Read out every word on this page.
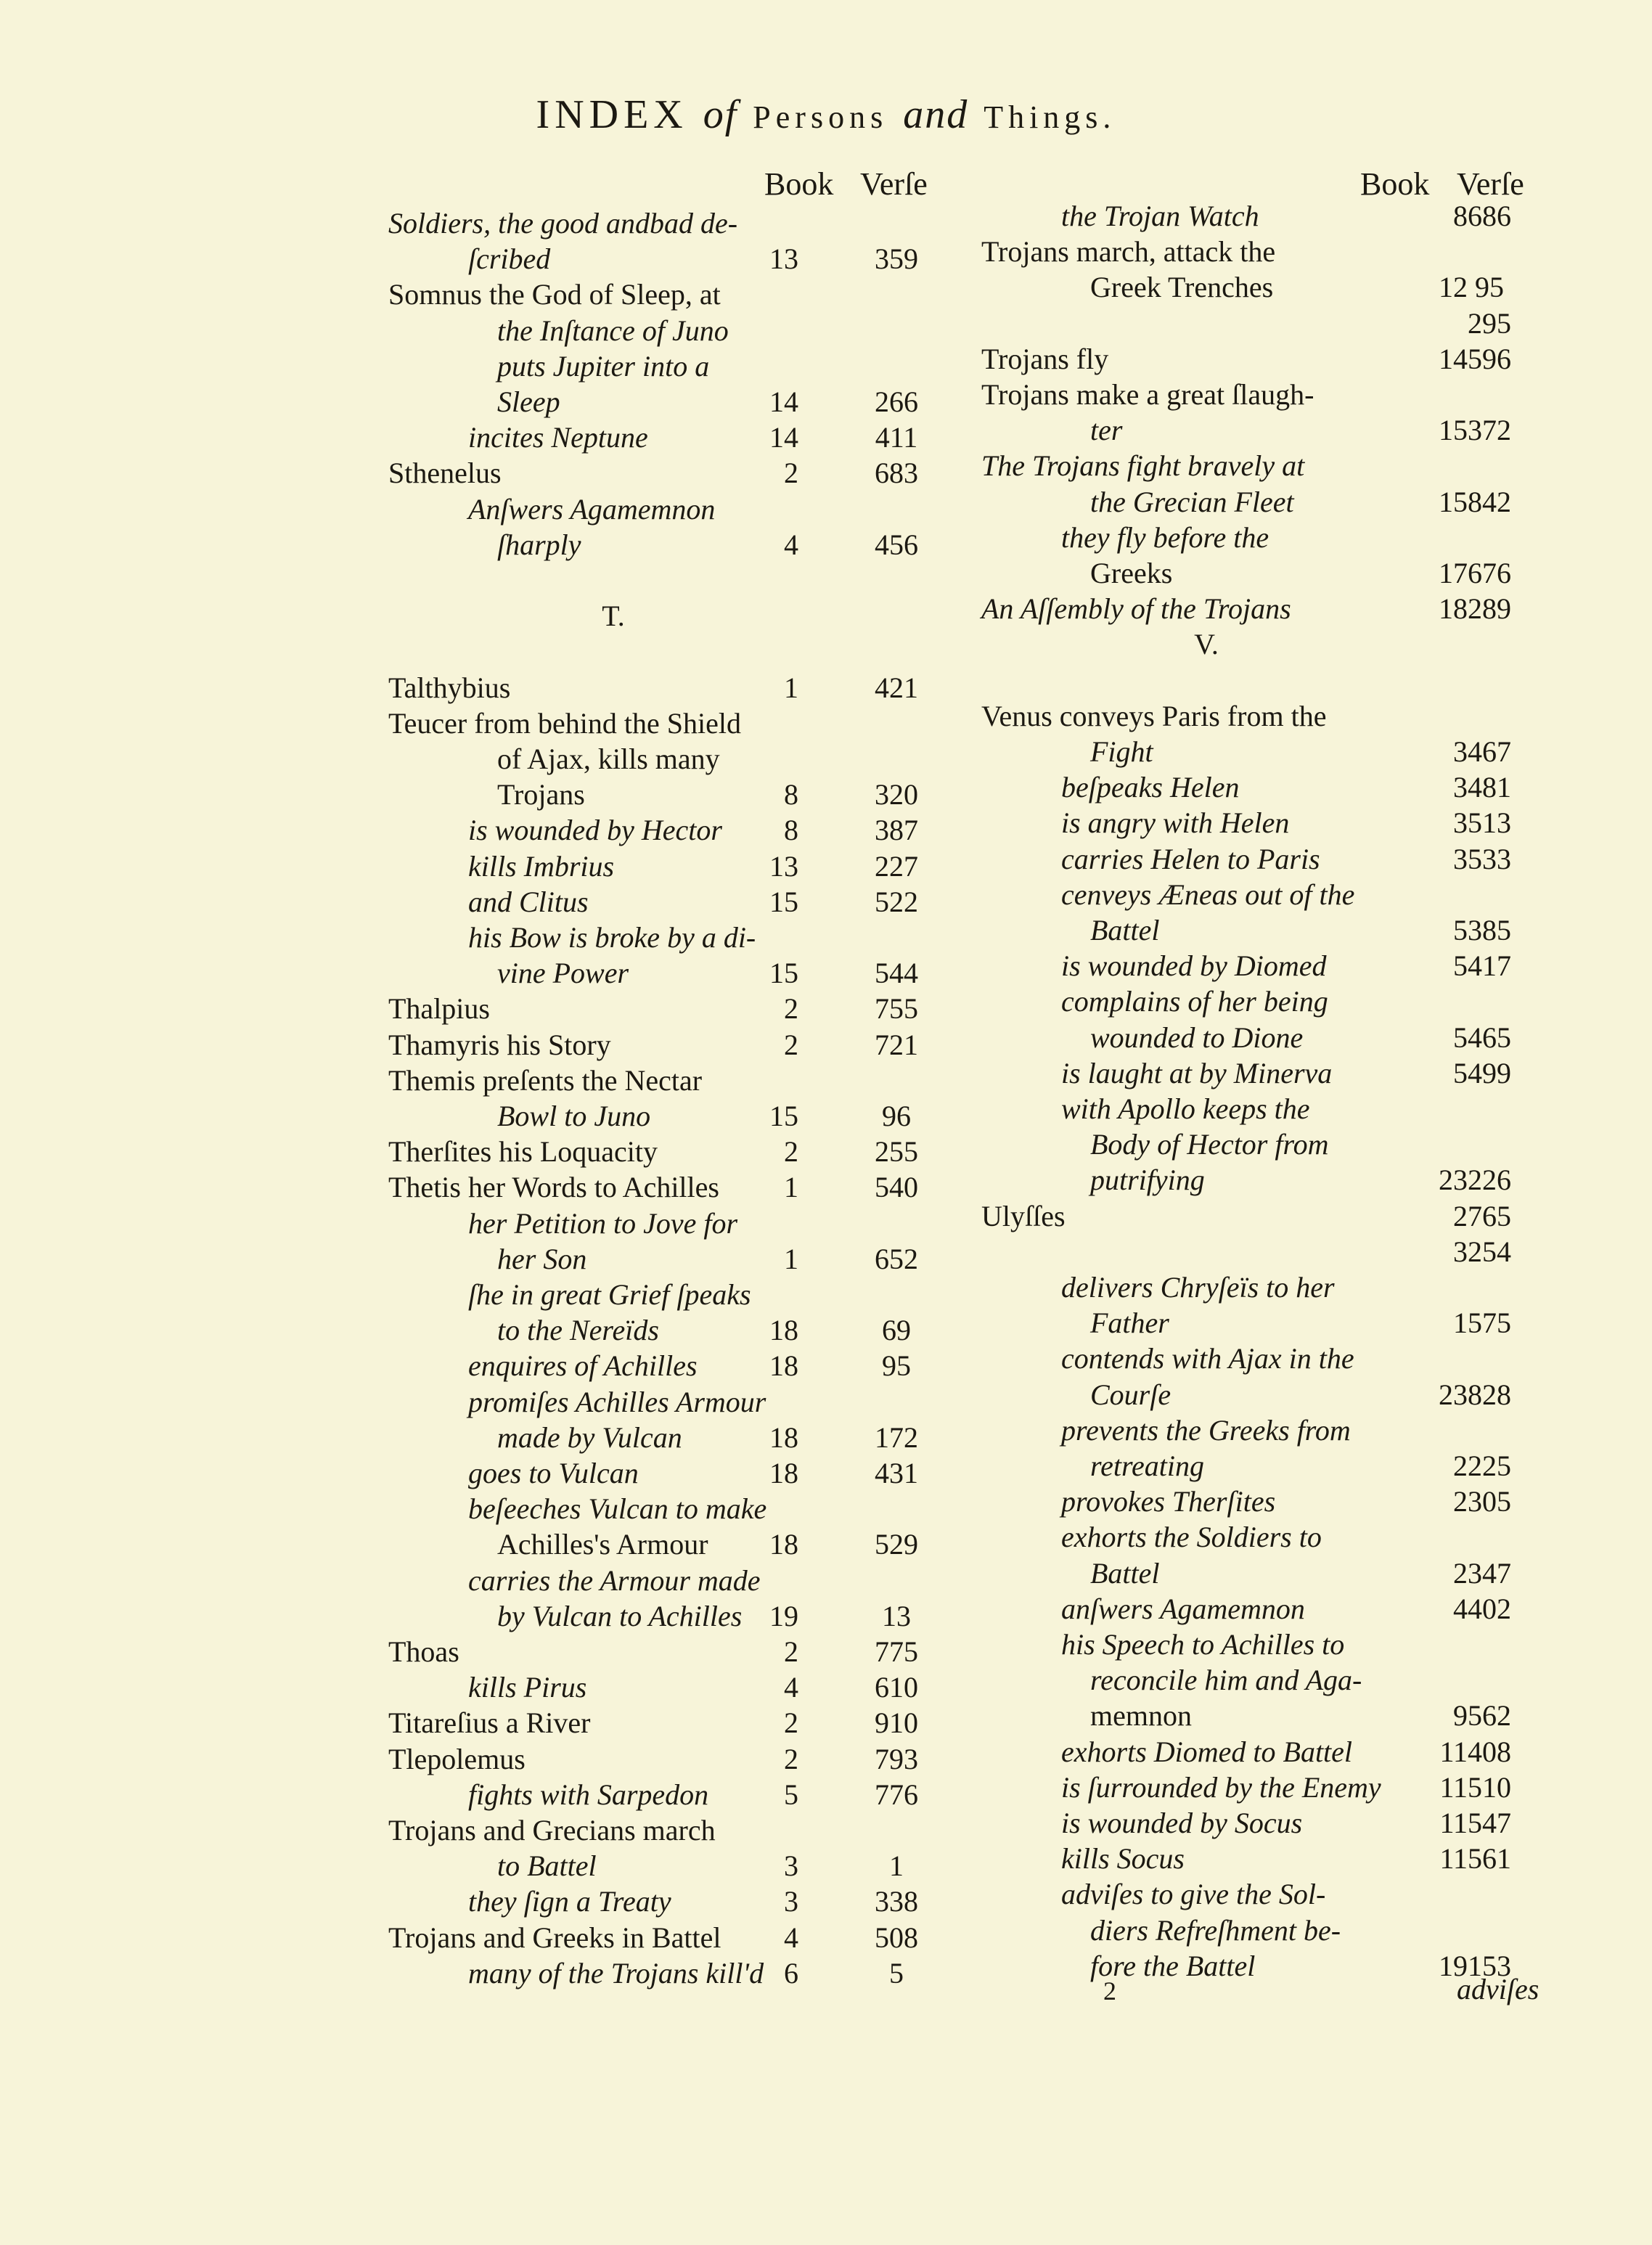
INDEX of Persons and Things.
Book Verſe
Soldiers, the good andbad de-
ſcribed	13	359
Somnus the God of Sleep, at
the Inſtance of Juno
puts Jupiter into a
Sleep	14	266
incites Neptune	14	411
Sthenelus	2	683
Anſwers Agamemnon
ſharply	4	456
T.
Talthybius	1	421
Teucer from behind the Shield
of Ajax, kills many
Trojans	8	320
is wounded by Hector	8	387
kills Imbrius	13	227
and Clitus	15	522
his Bow is broke by a di-
vine Power	15	544
Thalpius	2	755
Thamyris his Story	2	721
Themis preſents the Nectar
Bowl to Juno	15	96
Therſites his Loquacity	2	255
Thetis her Words to Achilles	1	540
her Petition to Jove for
her Son	1	652
ſhe in great Grief ſpeaks
to the Nereïds	18	69
enquires of Achilles	18	95
promiſes Achilles Armour
made by Vulcan	18	172
goes to Vulcan	18	431
beſeeches Vulcan to make
Achilles's Armour	18	529
carries the Armour made
by Vulcan to Achilles 19	13
Thoas	2	775
kills Pirus	4	610
Titareſius a River	2	910
Tlepolemus	2	793
fights with Sarpedon	5	776
Trojans and Grecians march
to Battel	3	1
they ſign a Treaty	3	338
Trojans and Greeks in Battel	4	508
many of the Trojans kill'd 6	5
Book Verſe
the Trojan Watch	8 686
Trojans march, attack the
Greek Trenches	12 95
295
Trojans fly	14 596
Trojans make a great ſlaugh-
ter	15 372
The Trojans fight bravely at
the Grecian Fleet	15 842
they fly before the
Greeks	17 676
An Aſſembly of the Trojans	18 289
V.
Venus conveys Paris from the
Fight	3 467
beſpeaks Helen	3 481
is angry with Helen	3 513
carries Helen to Paris	3 533
cenveys Æneas out of the
Battel	5 385
is wounded by Diomed	5 417
complains of her being
wounded to Dione	5 465
is laught at by Minerva	5 499
with Apollo keeps the
Body of Hector from
putrifying	23 226
Ulyſſes	2 765
3 254
delivers Chryſeïs to her
Father	1 575
contends with Ajax in the
Courſe	23 828
prevents the Greeks from
retreating	2 225
provokes Therſites	2 305
exhorts the Soldiers to
Battel	2 347
anſwers Agamemnon	4 402
his Speech to Achilles to
reconcile him and Aga-
memnon	9 562
exhorts Diomed to Battel	11 408
is ſurrounded by the Enemy	11 510
is wounded by Socus	11 547
kills Socus	11 561
adviſes to give the Sol-
diers Refreſhment be-
fore the Battel	19 153
2	adviſes
